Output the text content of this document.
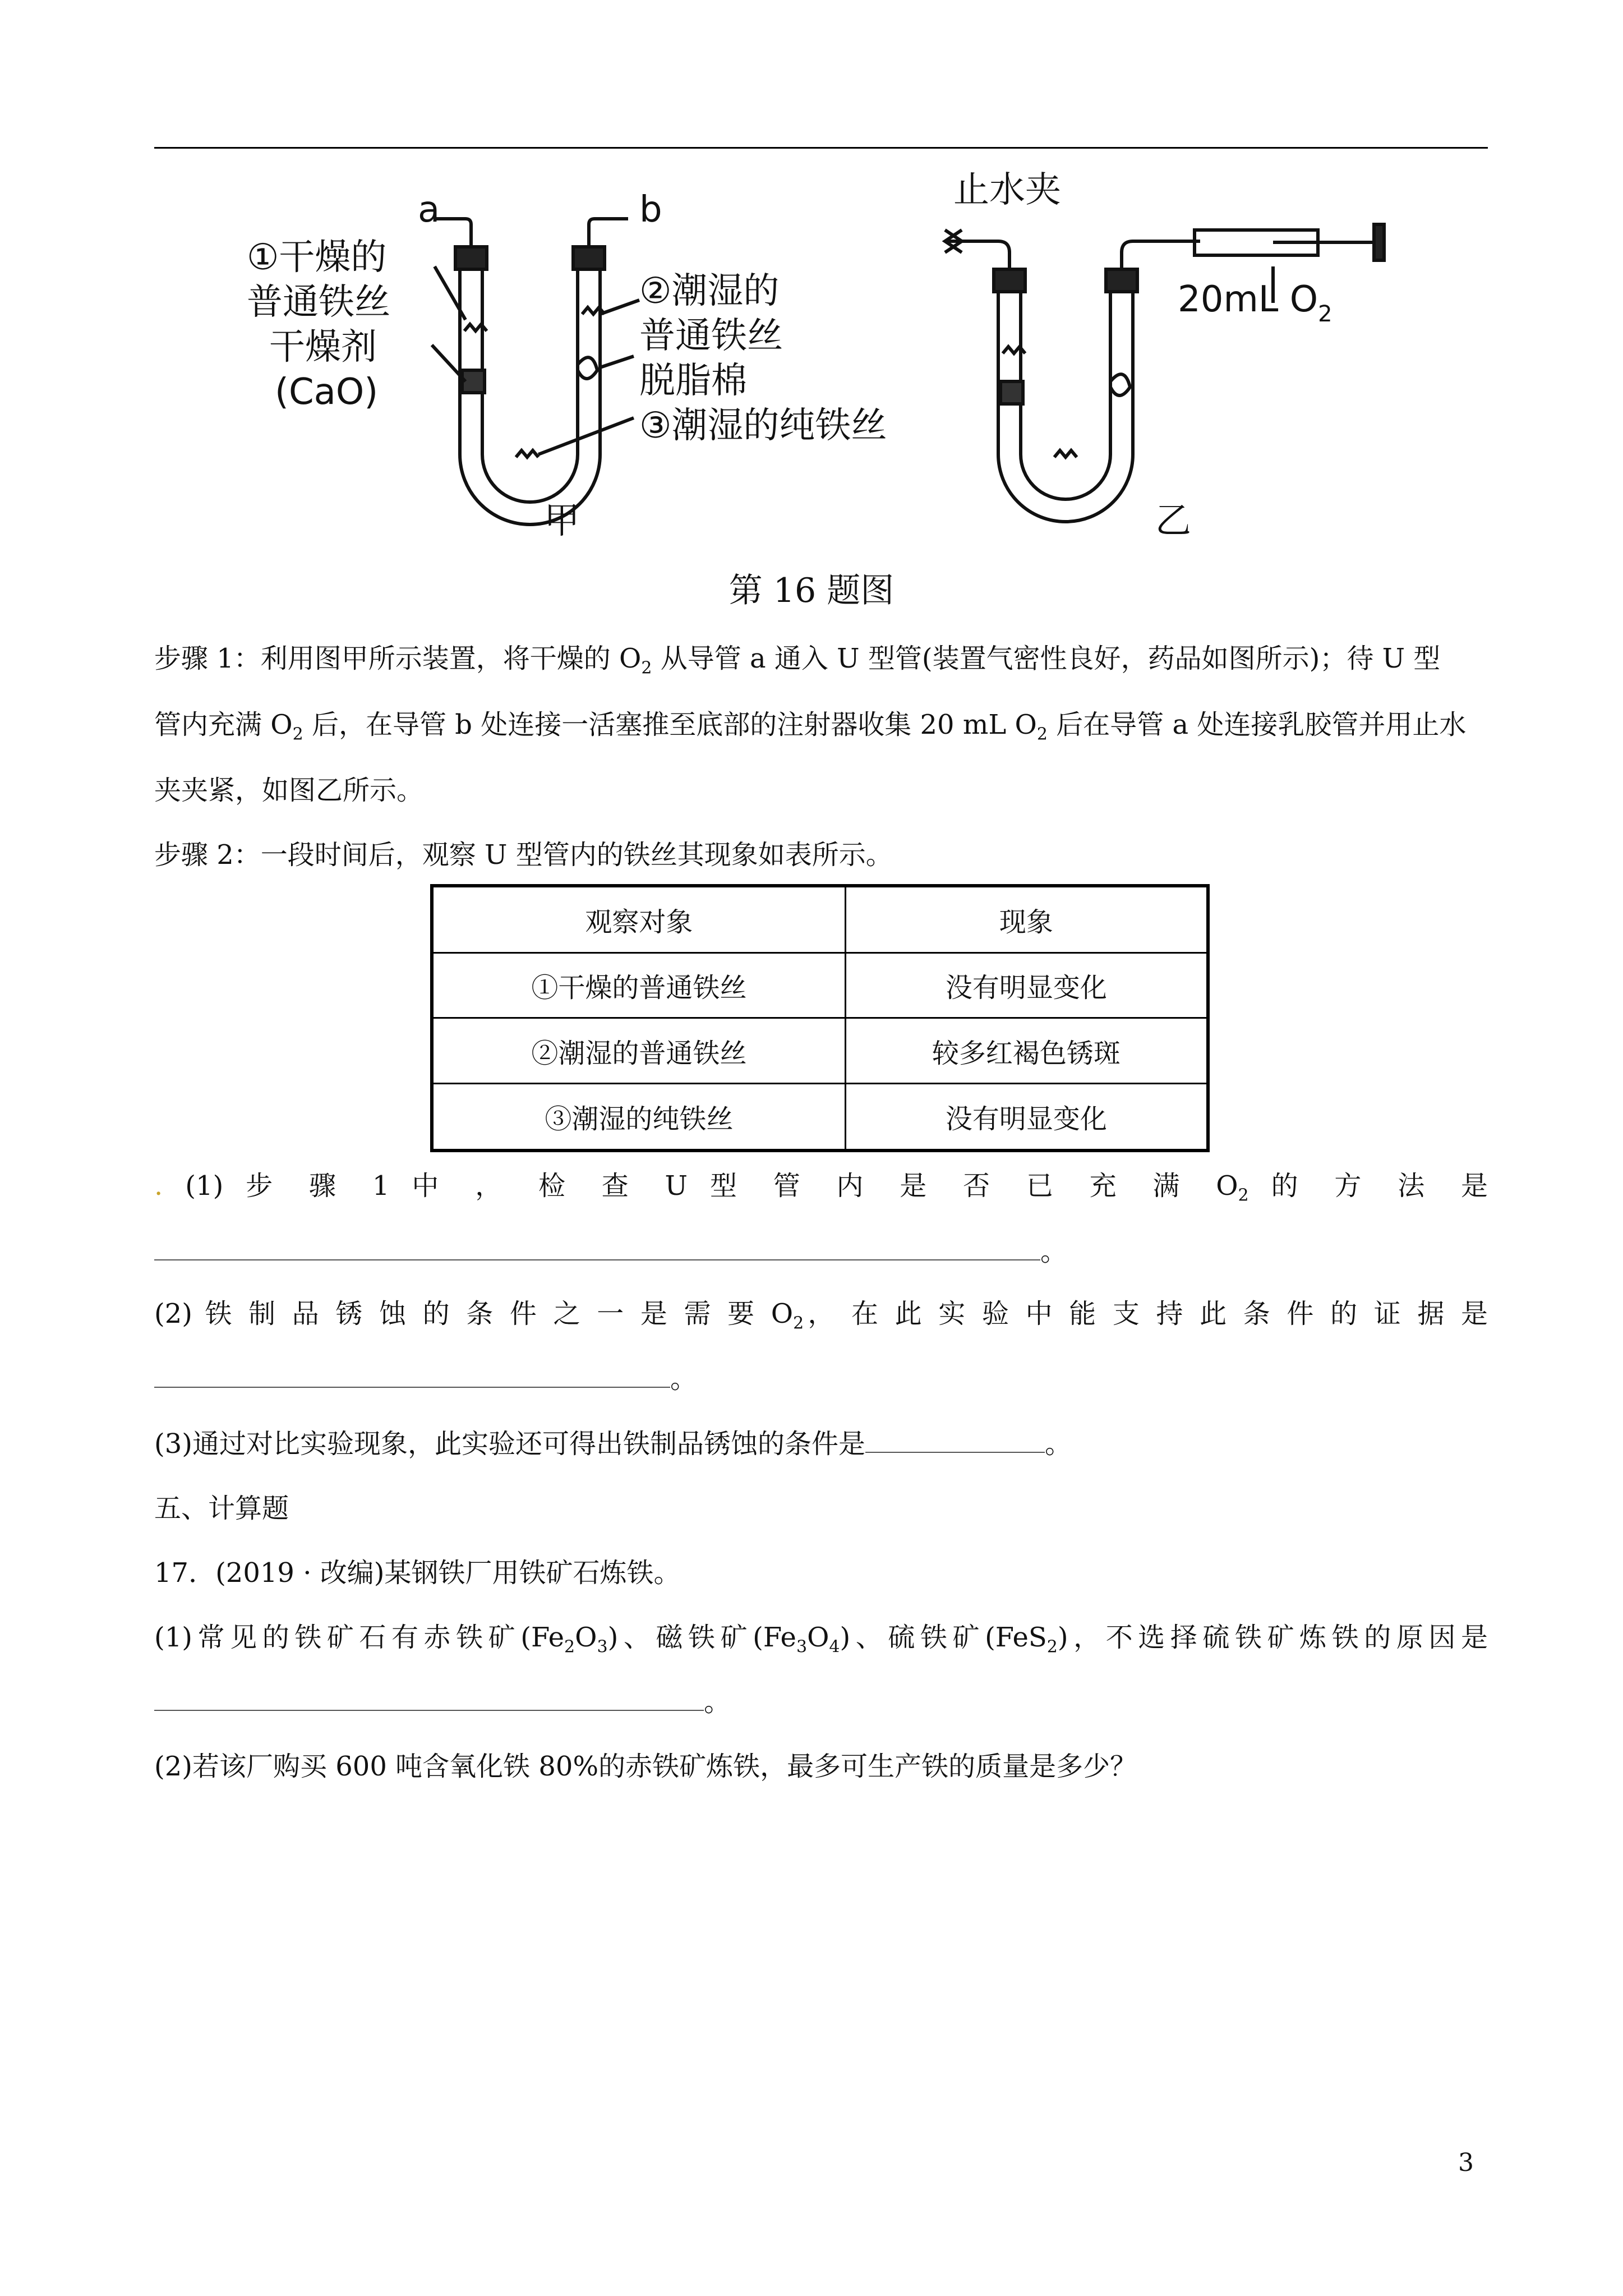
a	b
①干燥的
普通铁丝
干燥剂
(CaO)
②潮湿的
普通铁丝
脱脂棉
③潮湿的纯铁丝
甲
止水夹
20mL $O_2$
乙
第 16 题图
步骤 1：利用图甲所示装置，将干燥的 $O_2$ 从导管 a 通入 U 型管(装置气密性良好，药品如图所示)；待 U 型
管内充满 $O_2$ 后，在导管 b 处连接一活塞推至底部的注射器收集 20 mL $O_2$ 后在导管 a 处连接乳胶管并用止水
夹夹紧，如图乙所示。
步骤 2：一段时间后，观察 U 型管内的铁丝其现象如表所示。
观察对象	现象
①干燥的普通铁丝	没有明显变化
②潮湿的普通铁丝	较多红褐色锈斑
③潮湿的纯铁丝	没有明显变化
. (1) 步 骤 1 中 ， 检 查 U 型 管 内 是 否 已 充 满 $O_2$ 的 方 法 是
。
(2) 铁 制 品 锈 蚀 的 条 件 之 一 是 需 要 $O_2$， 在 此 实 验 中 能 支 持 此 条 件 的 证 据 是
。
(3)通过对比实验现象，此实验还可得出铁制品锈蚀的条件是	。
五、计算题
17．(2019 · 改编)某钢铁厂用铁矿石炼铁。
(1)常见的铁矿石有赤铁矿$(Fe_2O_3)$、磁铁矿$(Fe_3O_4)$、硫铁矿(FeS$_2$)，不选择硫铁矿炼铁的原因是
。
(2)若该厂购买 600 吨含氧化铁 80%的赤铁矿炼铁，最多可生产铁的质量是多少？
3
